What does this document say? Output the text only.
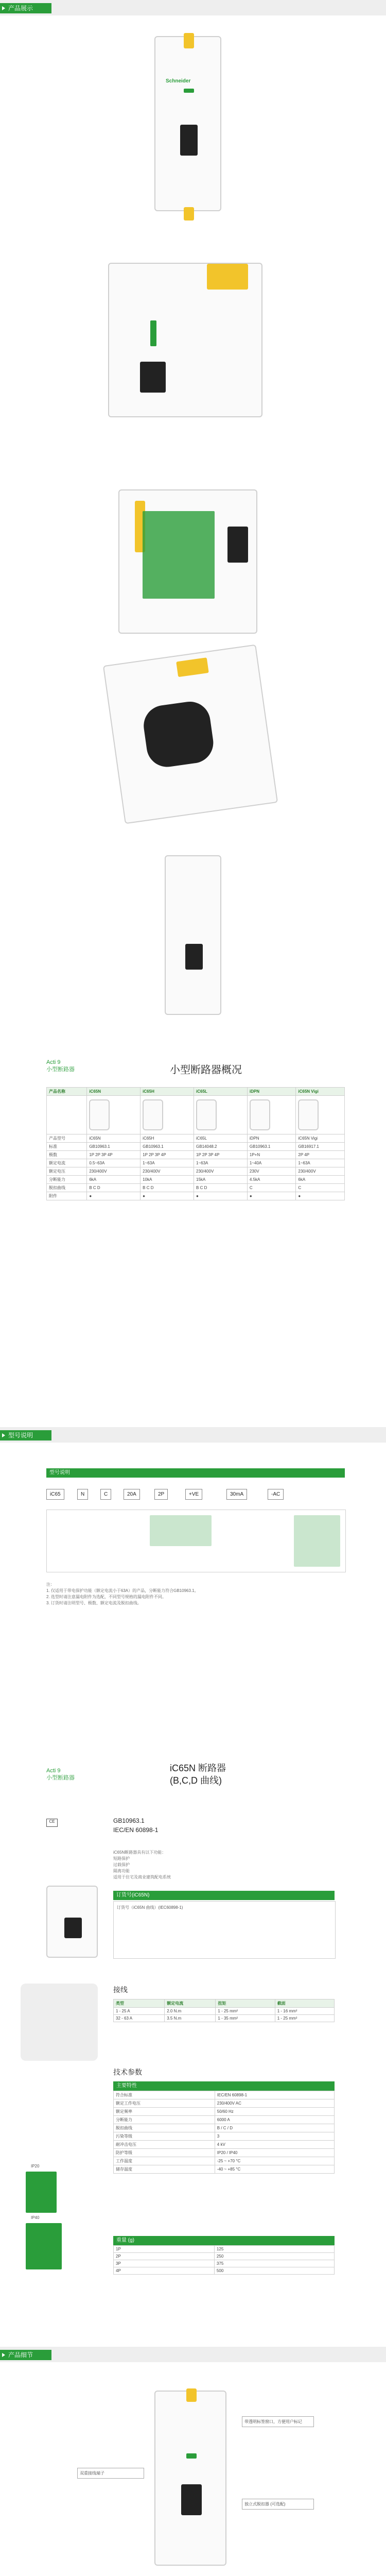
产品展示
Schneider
Acti 9
小型断路器	小型断路器概况
产品名称	iC65N	iC65H	iC65L	iDPN	iC65N Vigi

产品型号	iC65N	iC65H	iC65L	iDPN	iC65N Vigi
标准	GB10963.1	GB10963.1	GB14048.2	GB10963.1	GB16917.1
极数	1P 2P 3P 4P	1P 2P 3P 4P	1P 2P 3P 4P	1P+N	2P 4P
额定电流	0.5~63A	1~63A	1~63A	1~40A	1~63A
额定电压	230/400V	230/400V	230/400V	230V	230/400V
分断能力	6kA	10kA	15kA	4.5kA	6kA
脱扣曲线	B C D	B C D	B C D	C	C
附件	●	●	●	●	●
型号说明
型号说明
iC65	N	C	20A	2P	+VE	30mA	-AC
注：
1. 仅适用于带电保护功能（额定电流小于63A）的产品，分断能力符合GB10963.1。
2. 选型时请注意漏电附件为选配，不同型号规格的漏电附件不同。
3. 订货时请注明型号、极数、额定电流及脱扣曲线。
Acti 9
小型断路器
iC65N 断路器
(B,C,D 曲线)
CE	GB10963.1
IEC/EN 60898-1
iC65N断路器具有以下功能：
短路保护
过载保护
隔离功能
适用于住宅及商业建筑配电系统
订货号(iC65N)
订货号（iC65N 曲线）(IEC60898-1)
接线
类型	额定电流	扭矩	截面
1 - 25 A	2.0 N.m	1 - 25 mm²	1 - 16 mm²
32 - 63 A	3.5 N.m	1 - 35 mm²	1 - 25 mm²
技术参数
主要特性
符合标准	IEC/EN 60898-1
额定工作电压	230/400V AC
额定频率	50/60 Hz
分断能力	6000 A
脱扣曲线	B / C / D
污染等级	3
耐冲击电压	4 kV
防护等级	IP20 / IP40
工作温度	-25 ~ +70 °C
储存温度	-40 ~ +85 °C
IP20
IP40
重量 (g)
1P	125
2P	250
3P	375
4P	500
产品细节
带透明标签窗口，方便用户标记
独立式脱扣器 (可选配)
双重接线端子
